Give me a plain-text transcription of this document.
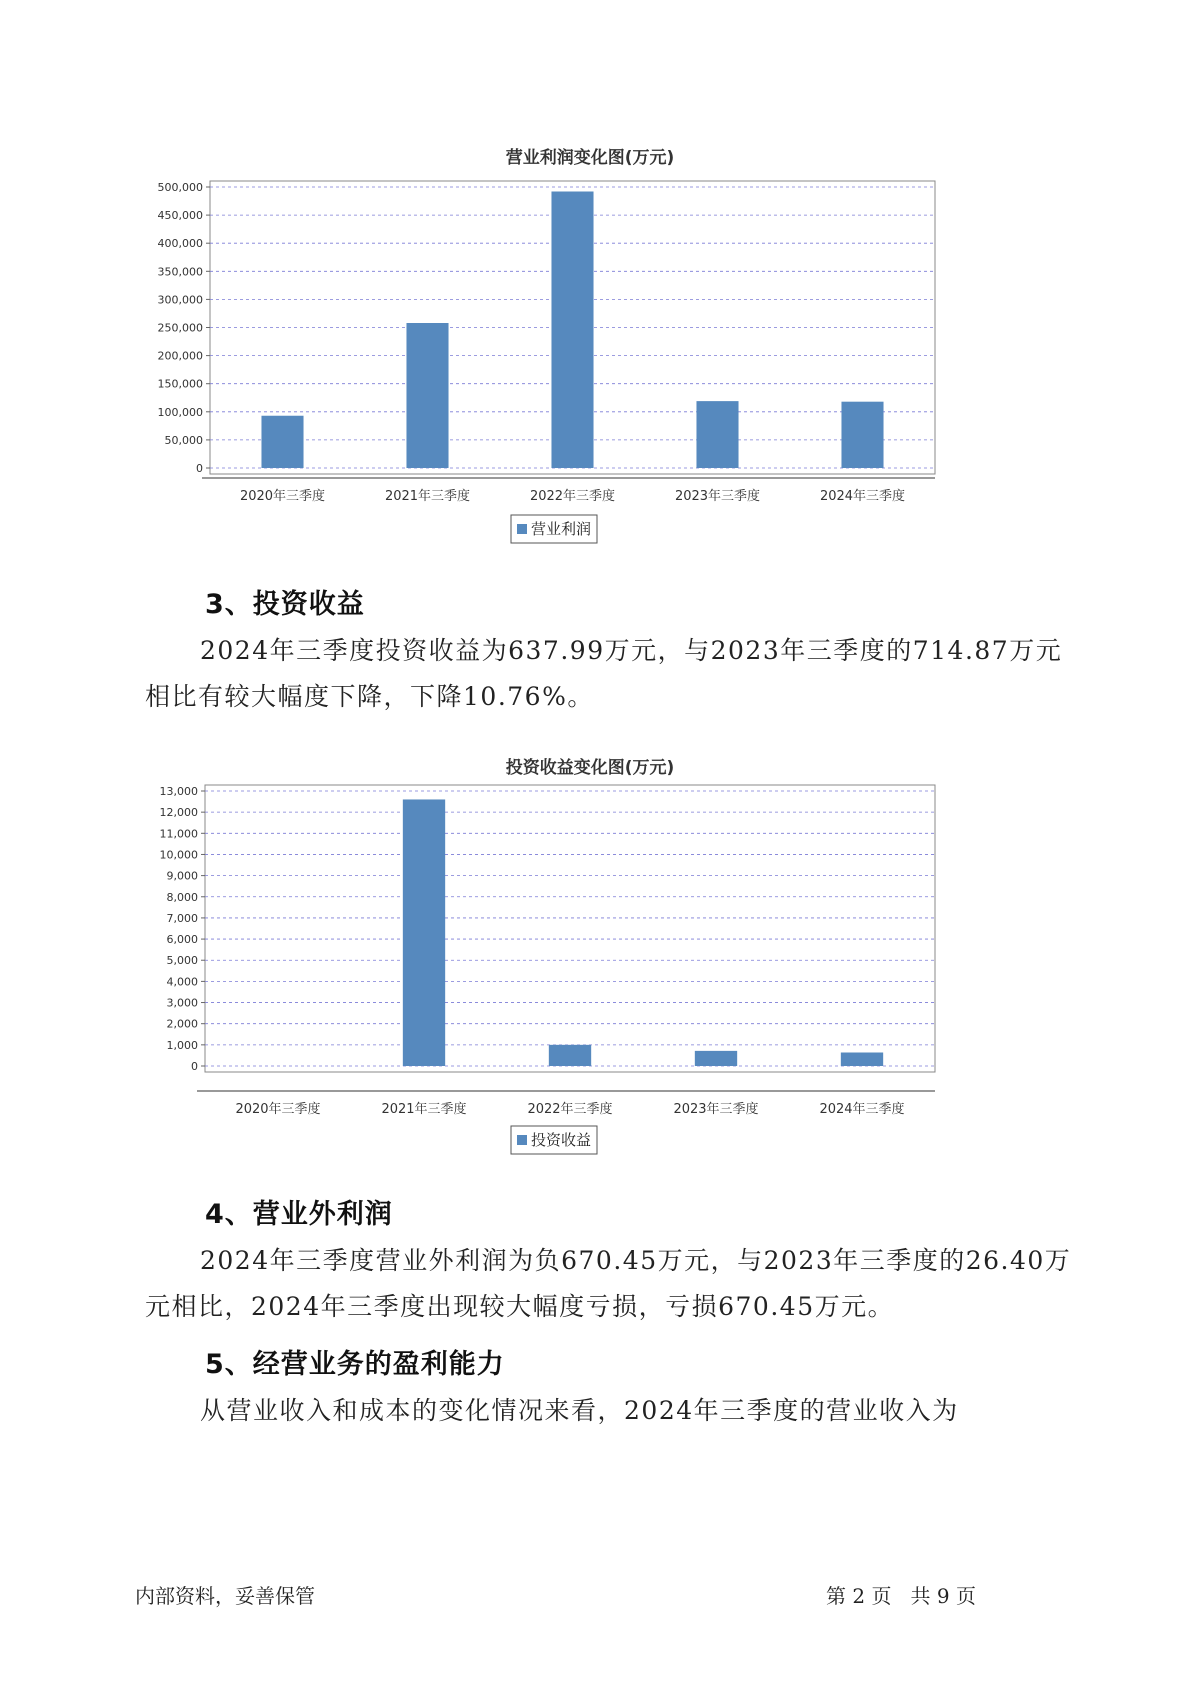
营业利润变化图(万元)
0
50,000
100,000
150,000
200,000
250,000
300,000
350,000
400,000
450,000
500,000
2020年三季度	2021年三季度	2022年三季度	2023年三季度	2024年三季度
营业利润
3、投资收益
2024年三季度投资收益为637.99万元，与2023年三季度的714.87万元
相比有较大幅度下降，下降10.76%。
投资收益变化图(万元)
0
1,000
2,000
3,000
4,000
5,000
6,000
7,000
8,000
9,000
10,000
11,000
12,000
13,000
2020年三季度	2021年三季度	2022年三季度	2023年三季度	2024年三季度
投资收益
4、营业外利润
2024年三季度营业外利润为负670.45万元，与2023年三季度的26.40万
元相比，2024年三季度出现较大幅度亏损，亏损670.45万元。
5、经营业务的盈利能力
从营业收入和成本的变化情况来看，2024年三季度的营业收入为
内部资料，妥善保管	第 2 页   共 9 页
